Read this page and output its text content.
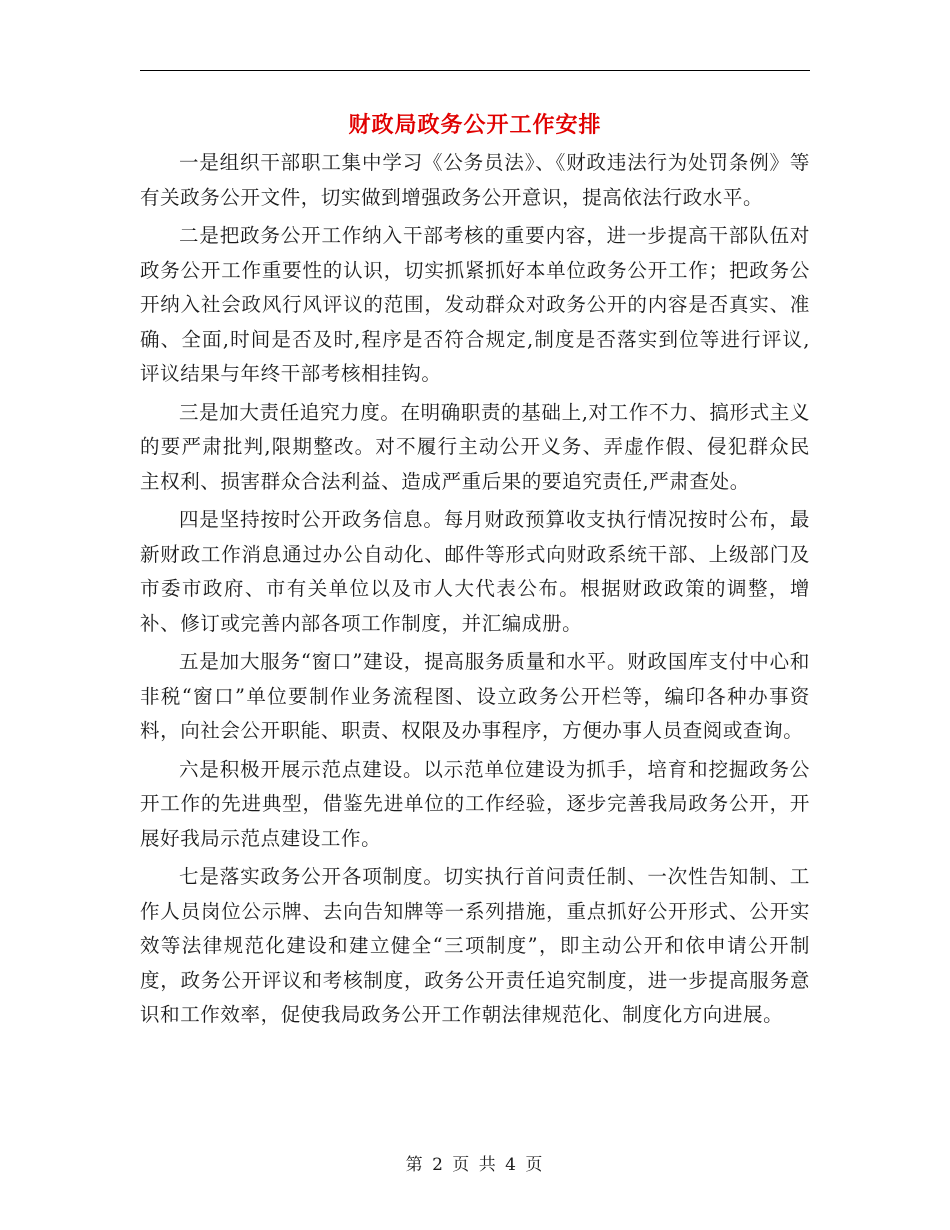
财政局政务公开工作安排

一是组织干部职工集中学习《公务员法》、《财政违法行为处罚条例》等有关政务公开文件，切实做到增强政务公开意识，提高依法行政水平。

二是把政务公开工作纳入干部考核的重要内容，进一步提高干部队伍对政务公开工作重要性的认识，切实抓紧抓好本单位政务公开工作；把政务公开纳入社会政风行风评议的范围，发动群众对政务公开的内容是否真实、准确、全面,时间是否及时,程序是否符合规定,制度是否落实到位等进行评议,评议结果与年终干部考核相挂钩。

三是加大责任追究力度。在明确职责的基础上,对工作不力、搞形式主义的要严肃批判,限期整改。对不履行主动公开义务、弄虚作假、侵犯群众民主权利、损害群众合法利益、造成严重后果的要追究责任,严肃查处。

四是坚持按时公开政务信息。每月财政预算收支执行情况按时公布，最新财政工作消息通过办公自动化、邮件等形式向财政系统干部、上级部门及市委市政府、市有关单位以及市人大代表公布。根据财政政策的调整，增补、修订或完善内部各项工作制度，并汇编成册。

五是加大服务“窗口”建设，提高服务质量和水平。财政国库支付中心和非税“窗口”单位要制作业务流程图、设立政务公开栏等，编印各种办事资料，向社会公开职能、职责、权限及办事程序，方便办事人员查阅或查询。

六是积极开展示范点建设。以示范单位建设为抓手，培育和挖掘政务公开工作的先进典型，借鉴先进单位的工作经验，逐步完善我局政务公开，开展好我局示范点建设工作。

七是落实政务公开各项制度。切实执行首问责任制、一次性告知制、工作人员岗位公示牌、去向告知牌等一系列措施，重点抓好公开形式、公开实效等法律规范化建设和建立健全“三项制度”，即主动公开和依申请公开制度，政务公开评议和考核制度，政务公开责任追究制度，进一步提高服务意识和工作效率，促使我局政务公开工作朝法律规范化、制度化方向进展。

第 2 页 共 4 页
